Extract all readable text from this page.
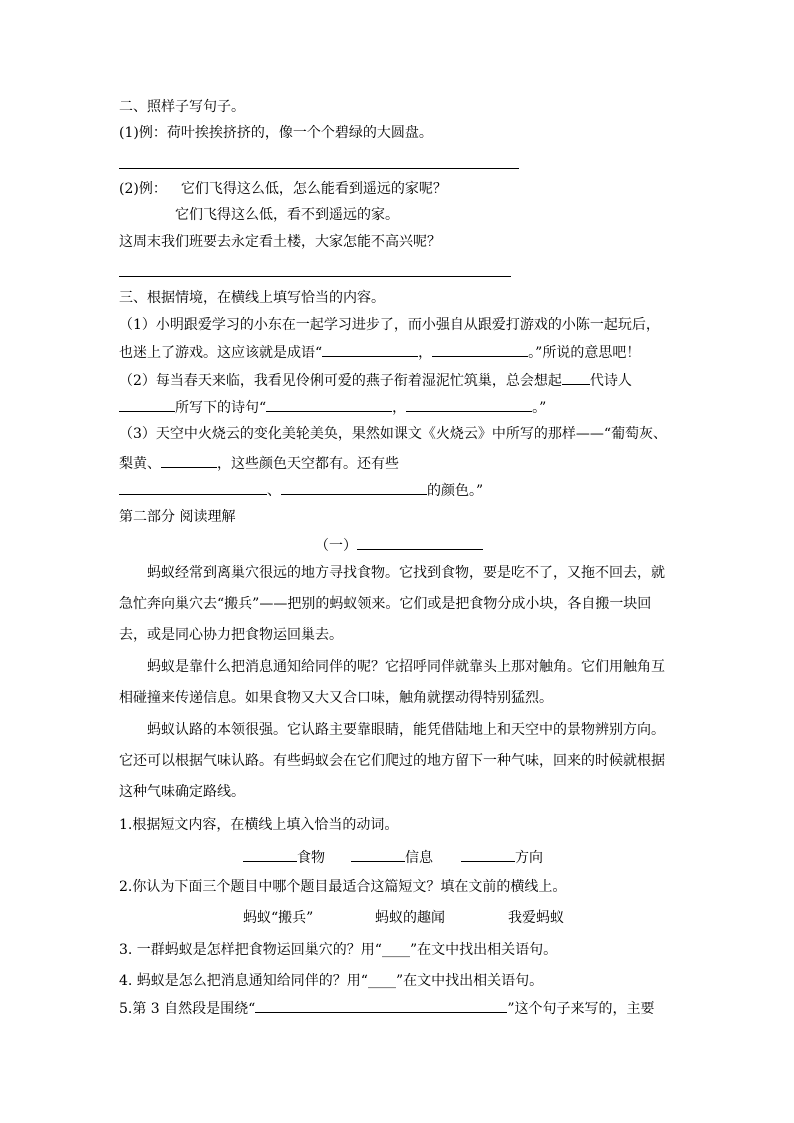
二、照样子写句子。
(1)例：荷叶挨挨挤挤的，像一个个碧绿的大圆盘。
(2)例： 它们飞得这么低，怎么能看到遥远的家呢？
它们飞得这么低，看不到遥远的家。
这周末我们班要去永定看土楼，大家怎能不高兴呢？
三、根据情境，在横线上填写恰当的内容。
（1）小明跟爱学习的小东在一起学习进步了，而小强自从跟爱打游戏的小陈一起玩后，
也迷上了游戏。这应该就是成语“	，	。”所说的意思吧！
（2）每当春天来临，我看见伶俐可爱的燕子衔着湿泥忙筑巢，总会想起 代诗人
所写下的诗句“	，	。”
（3）天空中火烧云的变化美轮美奂，果然如课文《火烧云》中所写的那样——“葡萄灰、
梨黄、	，这些颜色天空都有。还有些
、	的颜色。”
第二部分 阅读理解
（一）
蚂蚁经常到离巢穴很远的地方寻找食物。它找到食物，要是吃不了，又拖不回去，就
急忙奔向巢穴去“搬兵”——把别的蚂蚁领来。它们或是把食物分成小块，各自搬一块回
去，或是同心协力把食物运回巢去。
蚂蚁是靠什么把消息通知给同伴的呢？它招呼同伴就靠头上那对触角。它们用触角互
相碰撞来传递信息。如果食物又大又合口味，触角就摆动得特别猛烈。
蚂蚁认路的本领很强。它认路主要靠眼睛，能凭借陆地上和天空中的景物辨别方向。
它还可以根据气味认路。有些蚂蚁会在它们爬过的地方留下一种气味，回来的时候就根据
这种气味确定路线。
1.根据短文内容，在横线上填入恰当的动词。
食物	信息	方向
2.你认为下面三个题目中哪个题目最适合这篇短文？填在文前的横线上。
蚂蚁“搬兵”	蚂蚁的趣闻	我爱蚂蚁
3. 一群蚂蚁是怎样把食物运回巢穴的？用“____”在文中找出相关语句。
4. 蚂蚁是怎么把消息通知给同伴的？用“____”在文中找出相关语句。
5.第 3 自然段是围绕“	”这个句子来写的，主要
